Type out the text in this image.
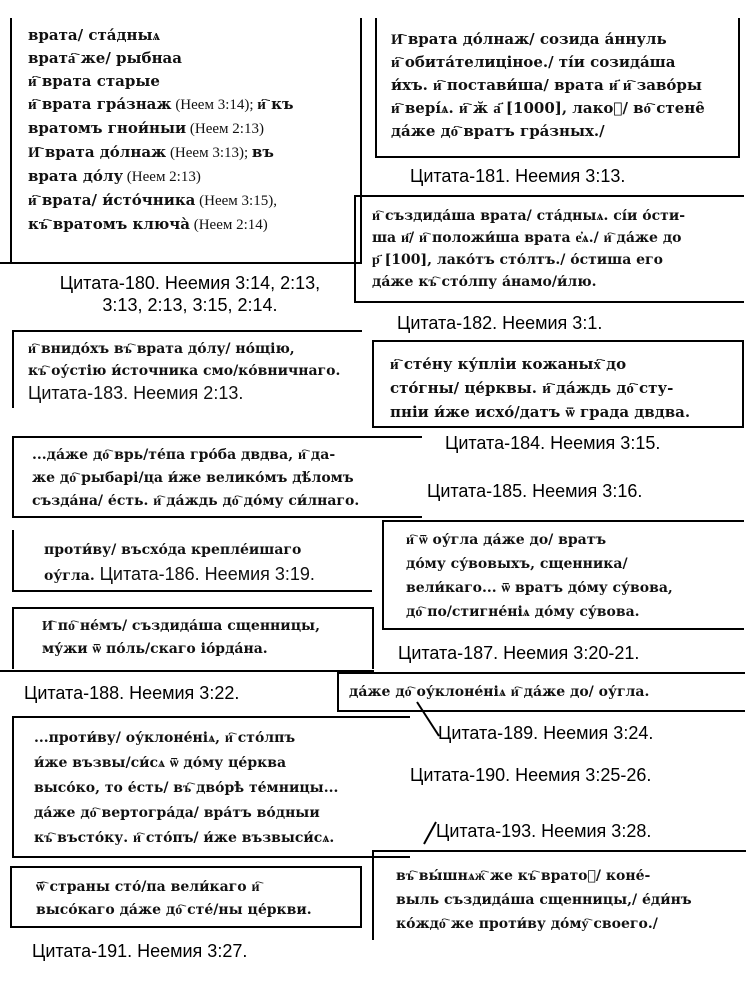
врата/ ста́дныѧ
врата҇ же/ рыбнаа
и҇ врата старые
и҇ врата гра́знаж (Неем 3:14); и҇ къ
вратомъ гнои́ныи (Неем 2:13)
И҇ врата до́лнаж (Неем 3:13); въ
врата до́лу (Неем 2:13)
и҇ врата/ и́сто́чника (Неем 3:15),
къ҇ вратомъ ключа̀ (Неем 2:14)
Цитата-180. Неемия 3:14, 2:13,
3:13, 2:13, 3:15, 2:14.
И҇ врата до́лнаж/ созида а́ннуль
и҇ обита́телиціное./ ті́и созида́ша
и́хъ. и҇ постави́ша/ врата и҃ и҇ заво́ры
и҇ вері́ѧ. и҇ ӂ а҃ [1000], лакоⷮ/ во҇ стене̑
да́же до҇ вратъ гра́зных./
Цитата-181. Неемия 3:13.
и҇ създида́ша врата/ ста́дныѧ. сі́и о́сти-
ша и҃/ и҇ положи́ша врата е҆ѧ./ и҇ да́же до
р҃ [100], лако́тъ сто́лтъ./ о́стиша его
да́же къ҇ сто́лпу а́намо/и́лю.
Цитата-182. Неемия 3:1.
и҇ внидо́хъ въ҇ врата до́лу/ но́щію,
къ҇ оу́стію и́сточника смо/ко́вничнаго.
Цитата-183. Неемия 2:13.
и҇ сте́ну ку́пліи кожаных҇ до
сто́гны/ це́рквы. и҇ да́ждь до҇ сту-
пніи и́же исхо́/датъ ѿ града двдва.
Цитата-184. Неемия 3:15.
...да́же до҇ врь/те́па гро́ба двдва, и҇ да-
же до҇ рыбарі/ца и́же велико́мъ дѣ́ломъ
създа́на/ е́сть. и҇ да́ждь до҇ до́му си́лнаго.	Цитата-185. Неемия 3:16.
проти́ву/ въсхо́да крепле́ишаго
оу́гла. Цитата-186. Неемия 3:19.
и҇ ѿ оу́гла да́же до/ вратъ
до́му су́вовыхъ, сщенника/
вели́каго... ѿ вратъ до́му су́вова,
до҇ по/стигне́ніѧ до́му су́вова.
Цитата-187. Неемия 3:20-21.
И҇ по҇ не́мъ/ създида́ша сщенницы,
му́жи ѿ по́ль/скаго іо́рда́на.
Цитата-188. Неемия 3:22.	да́же до҇ оу́клоне́ніѧ и҇ да́же до/ оу́гла.
Цитата-189. Неемия 3:24.
...проти́ву/ оу́клоне́ніѧ, и҇ сто́лпъ
и́же възвы/си́сѧ ѿ до́му це́рква
высо́ко, то е́сть/ въ҇ дво́рѣ те́мницы...
да́же до҇ вертогра́да/ вра́тъ во́дныи
къ҇ въсто́ку. и҇ сто́пъ/ и́же възвыси́сѧ.
Цитата-190. Неемия 3:25-26.
Цитата-193. Неемия 3:28.
въ҇ вы́шнѧж҇ же къ҇ вратоⷨ/ коне́-
выль създида́ша сщенницы,/ е́ди́нъ
ко́ждо҇ же проти́ву до́му҇ своего./
ѿ҇ страны сто́/па вели́каго и҇
высо́каго да́же до҇ сте́/ны це́ркви.
Цитата-191. Неемия 3:27.
